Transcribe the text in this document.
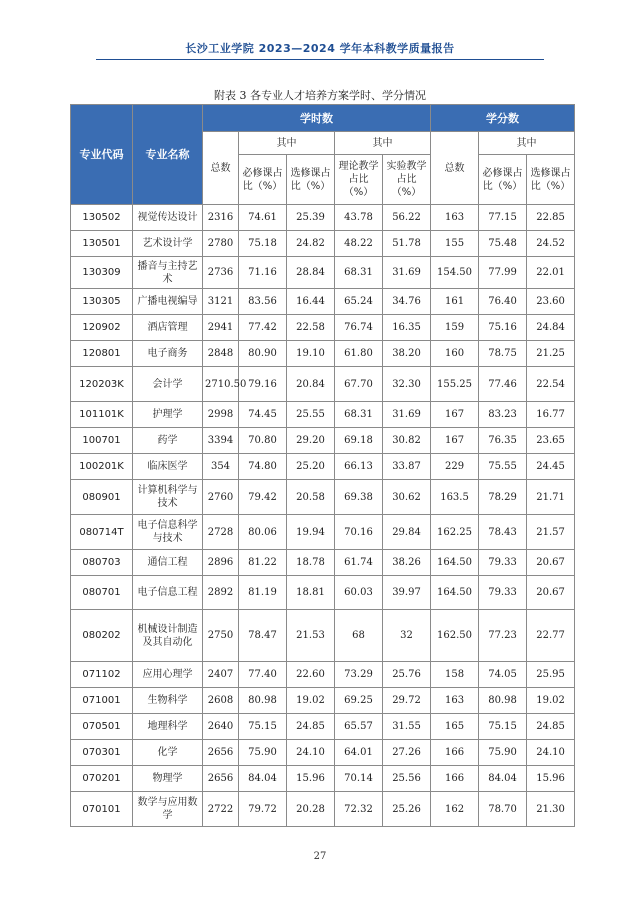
长沙工业学院 2023—2024 学年本科教学质量报告
附表 3 各专业人才培养方案学时、学分情况
专业代码	专业名称	学时数					学分数		
		总数	其中		其中		总数	其中	
			必修课占比（%）	选修课占比（%）	理论教学占比（%）	实验教学占比（%）		必修课占比（%）	选修课占比（%）
130502	视觉传达设计	2316	74.61	25.39	43.78	56.22	163	77.15	22.85
130501	艺术设计学	2780	75.18	24.82	48.22	51.78	155	75.48	24.52
130309	播音与主持艺术	2736	71.16	28.84	68.31	31.69	154.50	77.99	22.01
130305	广播电视编导	3121	83.56	16.44	65.24	34.76	161	76.40	23.60
120902	酒店管理	2941	77.42	22.58	76.74	16.35	159	75.16	24.84
120801	电子商务	2848	80.90	19.10	61.80	38.20	160	78.75	21.25
120203K	会计学	2710.50	79.16	20.84	67.70	32.30	155.25	77.46	22.54
101101K	护理学	2998	74.45	25.55	68.31	31.69	167	83.23	16.77
100701	药学	3394	70.80	29.20	69.18	30.82	167	76.35	23.65
100201K	临床医学	354	74.80	25.20	66.13	33.87	229	75.55	24.45
080901	计算机科学与技术	2760	79.42	20.58	69.38	30.62	163.5	78.29	21.71
080714T	电子信息科学与技术	2728	80.06	19.94	70.16	29.84	162.25	78.43	21.57
080703	通信工程	2896	81.22	18.78	61.74	38.26	164.50	79.33	20.67
080701	电子信息工程	2892	81.19	18.81	60.03	39.97	164.50	79.33	20.67
080202	机械设计制造及其自动化	2750	78.47	21.53	68	32	162.50	77.23	22.77
071102	应用心理学	2407	77.40	22.60	73.29	25.76	158	74.05	25.95
071001	生物科学	2608	80.98	19.02	69.25	29.72	163	80.98	19.02
070501	地理科学	2640	75.15	24.85	65.57	31.55	165	75.15	24.85
070301	化学	2656	75.90	24.10	64.01	27.26	166	75.90	24.10
070201	物理学	2656	84.04	15.96	70.14	25.56	166	84.04	15.96
070101	数学与应用数学	2722	79.72	20.28	72.32	25.26	162	78.70	21.30
27
